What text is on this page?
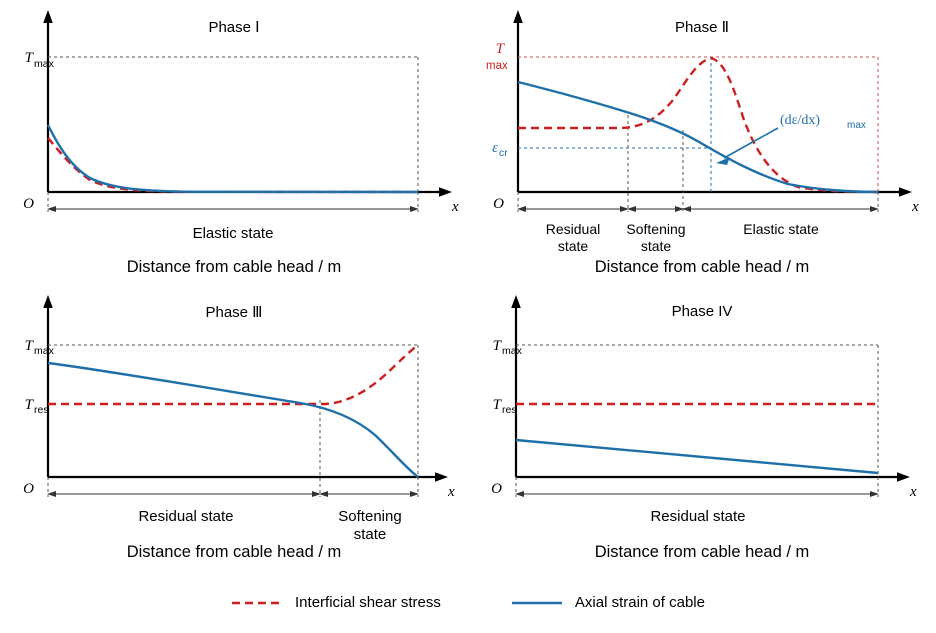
Phase Ⅰ
T max
O	x
Elastic state
Distance from cable head / m
Phase Ⅱ
(dε/dx)	max
T
max
ε cr
O	x
Residual
state
Softening
state
Elastic state
Distance from cable head / m
Phase Ⅲ
T max
T res
O	x
Residual state	Softening
state
Distance from cable head / m
Phase IV
T max
T res
O	x
Residual state
Distance from cable head / m
Interficial shear stress	Axial strain of cable
